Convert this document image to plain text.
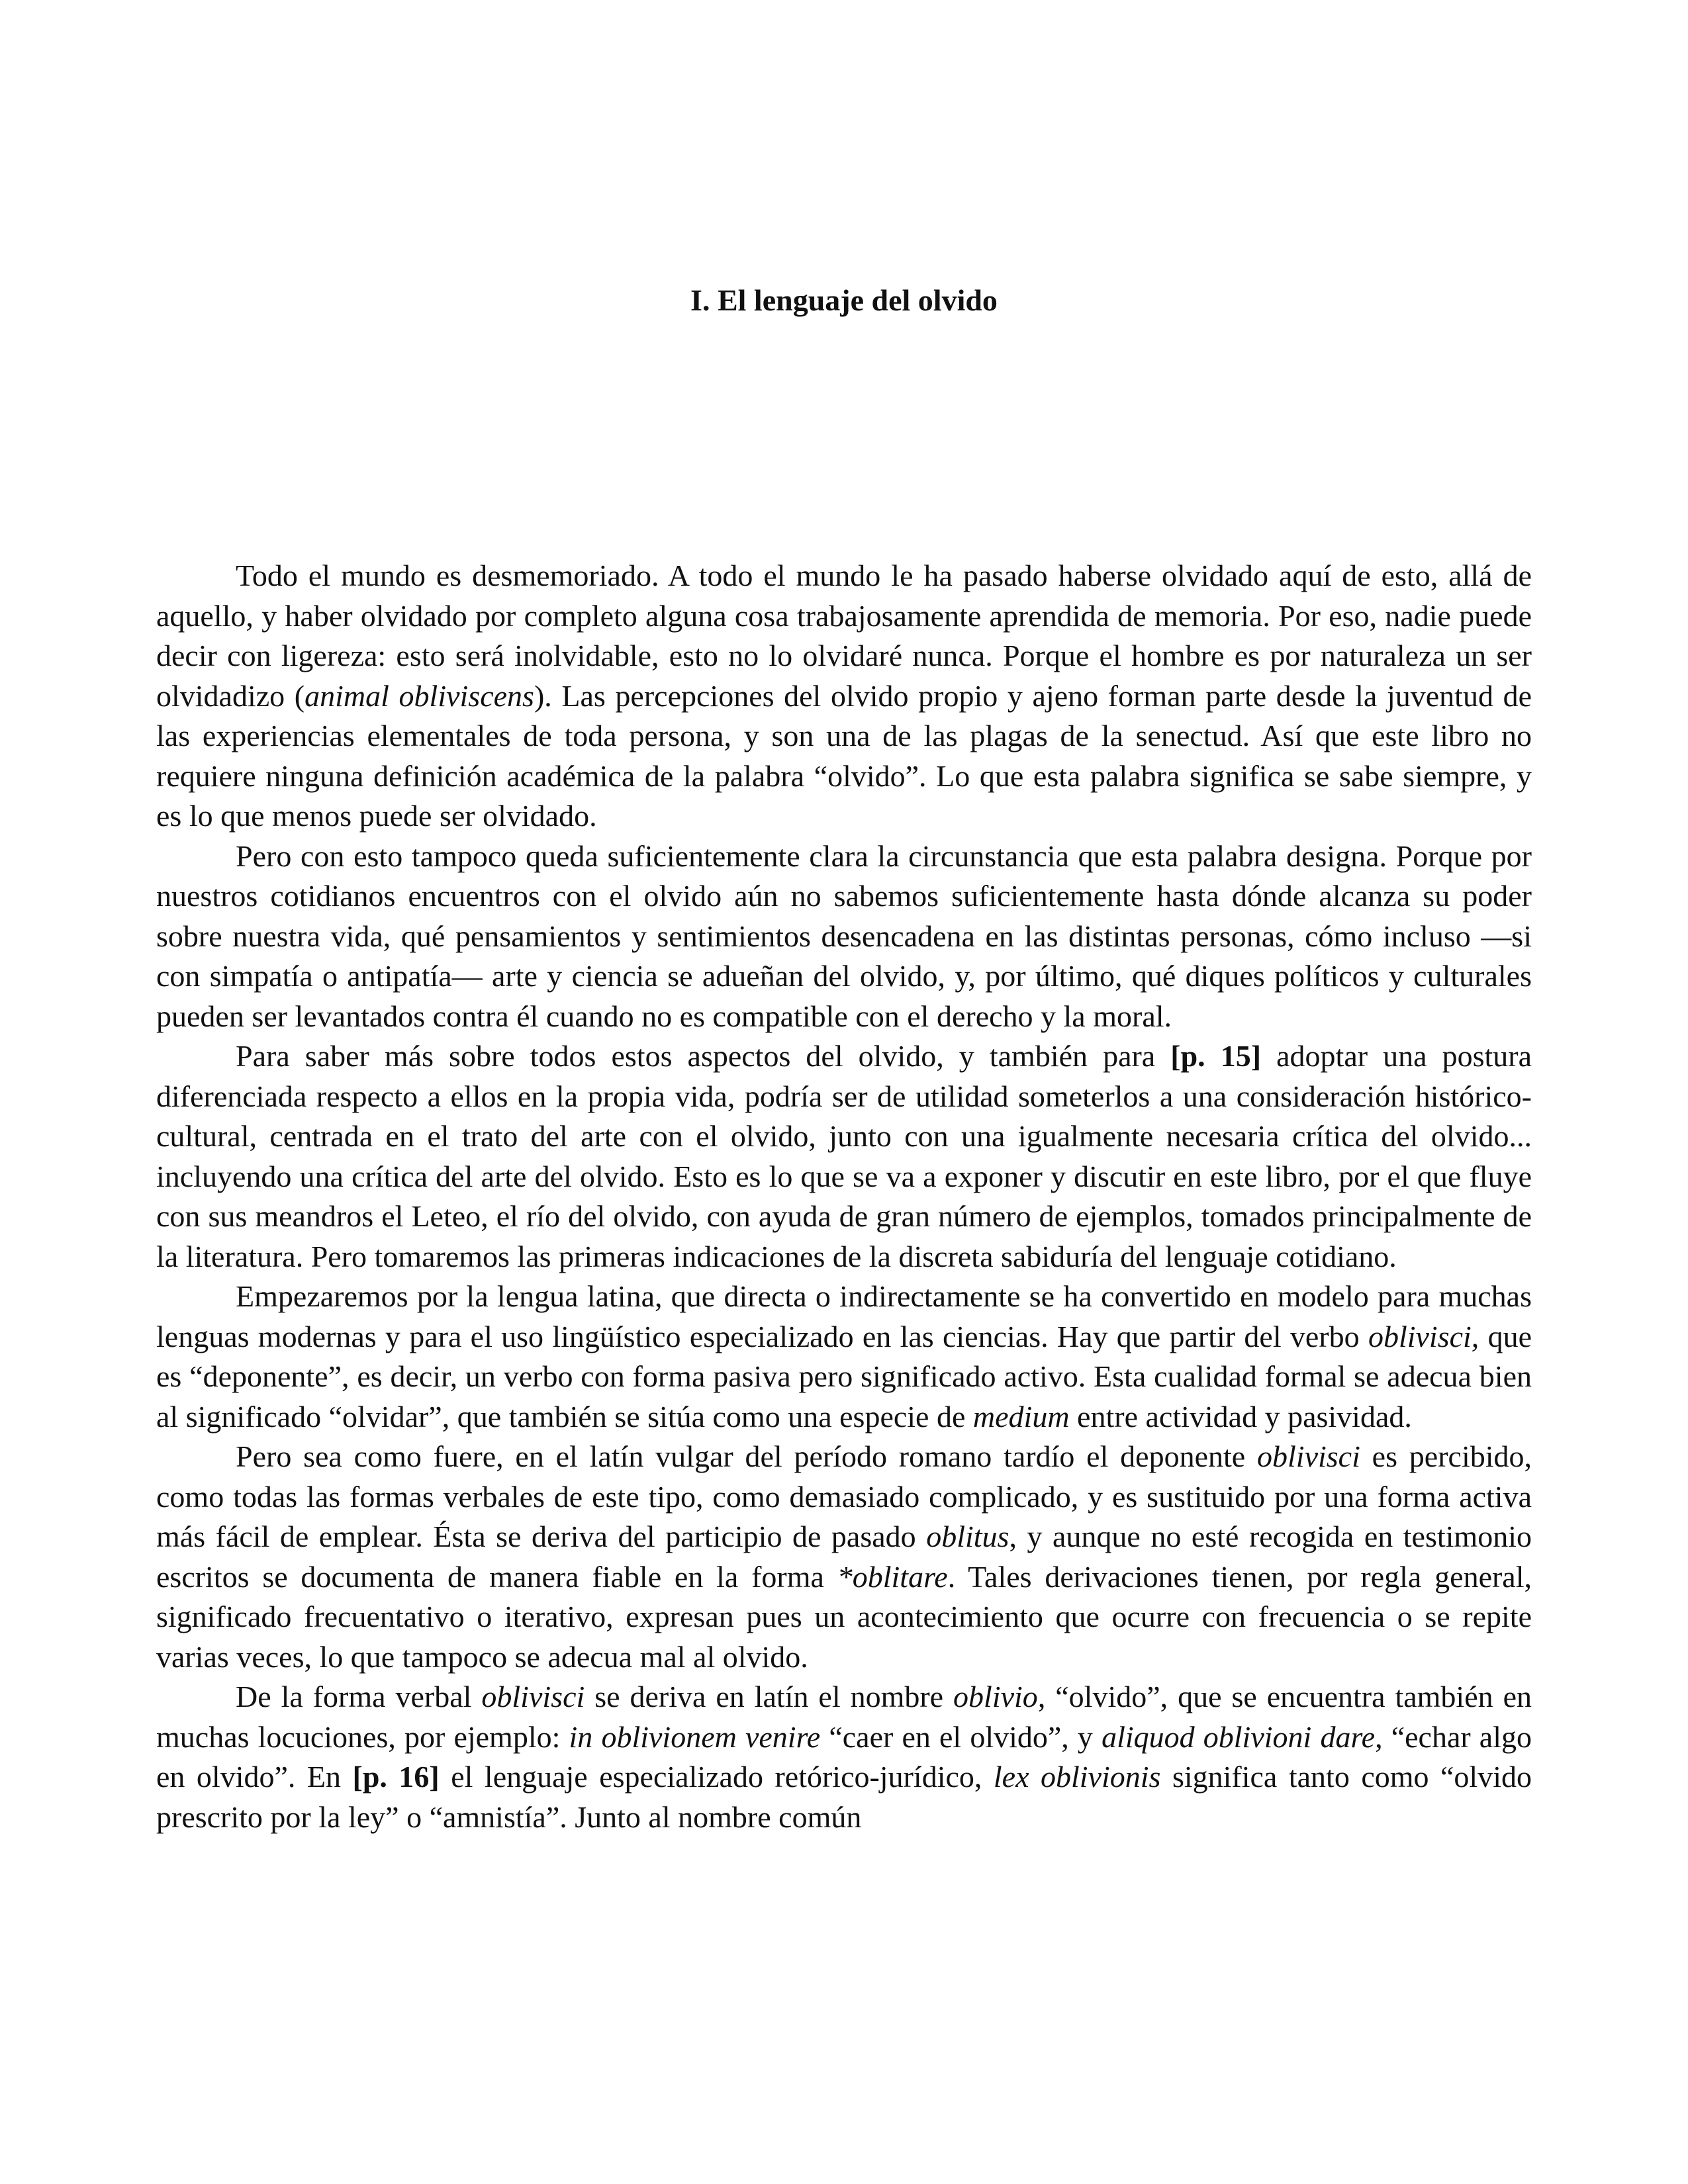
I. El lenguaje del olvido

Todo el mundo es desmemoriado. A todo el mundo le ha pasado haberse olvidado aquí de esto, allá de aquello, y haber olvidado por completo alguna cosa trabajosamente aprendida de memoria. Por eso, nadie puede decir con ligereza: esto será inolvidable, esto no lo olvidaré nunca. Porque el hombre es por naturaleza un ser olvidadizo (animal obliviscens). Las percepciones del olvido propio y ajeno forman parte desde la juventud de las experiencias elementales de toda persona, y son una de las plagas de la senectud. Así que este libro no requiere ninguna definición académica de la palabra “olvido”. Lo que esta palabra significa se sabe siempre, y es lo que menos puede ser olvidado.

Pero con esto tampoco queda suficientemente clara la circunstancia que esta palabra designa. Porque por nuestros cotidianos encuentros con el olvido aún no sabemos suficientemente hasta dónde alcanza su poder sobre nuestra vida, qué pensamientos y sentimientos desencadena en las distintas personas, cómo incluso —si con simpatía o antipatía— arte y ciencia se adueñan del olvido, y, por último, qué diques políticos y culturales pueden ser levantados contra él cuando no es compatible con el derecho y la moral.

Para saber más sobre todos estos aspectos del olvido, y también para [p. 15] adoptar una postura diferenciada respecto a ellos en la propia vida, podría ser de utilidad someterlos a una consideración histórico-cultural, centrada en el trato del arte con el olvido, junto con una igualmente necesaria crítica del olvido... incluyendo una crítica del arte del olvido. Esto es lo que se va a exponer y discutir en este libro, por el que fluye con sus meandros el Leteo, el río del olvido, con ayuda de gran número de ejemplos, tomados principalmente de la literatura. Pero tomaremos las primeras indicaciones de la discreta sabiduría del lenguaje cotidiano.

Empezaremos por la lengua latina, que directa o indirectamente se ha convertido en modelo para muchas lenguas modernas y para el uso lingüístico especializado en las ciencias. Hay que partir del verbo oblivisci, que es “deponente”, es decir, un verbo con forma pasiva pero significado activo. Esta cualidad formal se adecua bien al significado “olvidar”, que también se sitúa como una especie de medium entre actividad y pasividad.

Pero sea como fuere, en el latín vulgar del período romano tardío el deponente oblivisci es percibido, como todas las formas verbales de este tipo, como demasiado complicado, y es sustituido por una forma activa más fácil de emplear. Ésta se deriva del participio de pasado oblitus, y aunque no esté recogida en testimonio escritos se documenta de manera fiable en la forma *oblitare. Tales derivaciones tienen, por regla general, significado frecuentativo o iterativo, expresan pues un acontecimiento que ocurre con frecuencia o se repite varias veces, lo que tampoco se adecua mal al olvido.

De la forma verbal oblivisci se deriva en latín el nombre oblivio, “olvido”, que se encuentra también en muchas locuciones, por ejemplo: in oblivionem venire “caer en el olvido”, y aliquod oblivioni dare, “echar algo en olvido”. En [p. 16] el lenguaje especializado retórico-jurídico, lex oblivionis significa tanto como “olvido prescrito por la ley” o “amnistía”. Junto al nombre común
